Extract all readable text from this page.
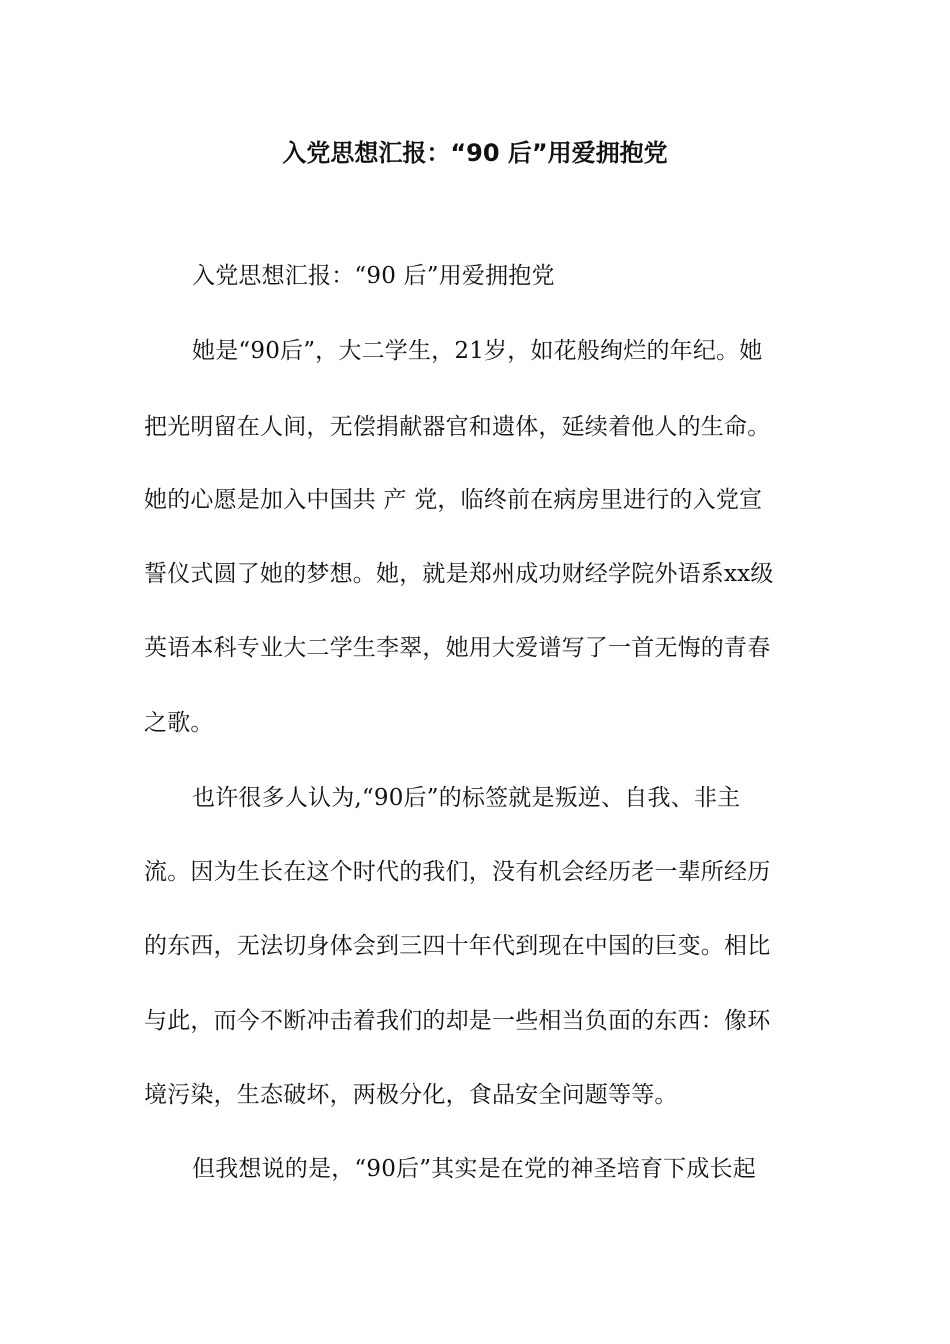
入党思想汇报：“90 后”用爱拥抱党
入党思想汇报：“90 后”用爱拥抱党
她是“90后”，大二学生，21岁，如花般绚烂的年纪。她
把光明留在人间，无偿捐献器官和遗体，延续着他人的生命。
她的心愿是加入中国共 产 党，临终前在病房里进行的入党宣
誓仪式圆了她的梦想。她，就是郑州成功财经学院外语系xx级
英语本科专业大二学生李翠，她用大爱谱写了一首无悔的青春
之歌。
也许很多人认为,“90后”的标签就是叛逆、自我、非主
流。因为生长在这个时代的我们，没有机会经历老一辈所经历
的东西，无法切身体会到三四十年代到现在中国的巨变。相比
与此，而今不断冲击着我们的却是一些相当负面的东西：像环
境污染，生态破坏，两极分化，食品安全问题等等。
但我想说的是，“90后”其实是在党的神圣培育下成长起
